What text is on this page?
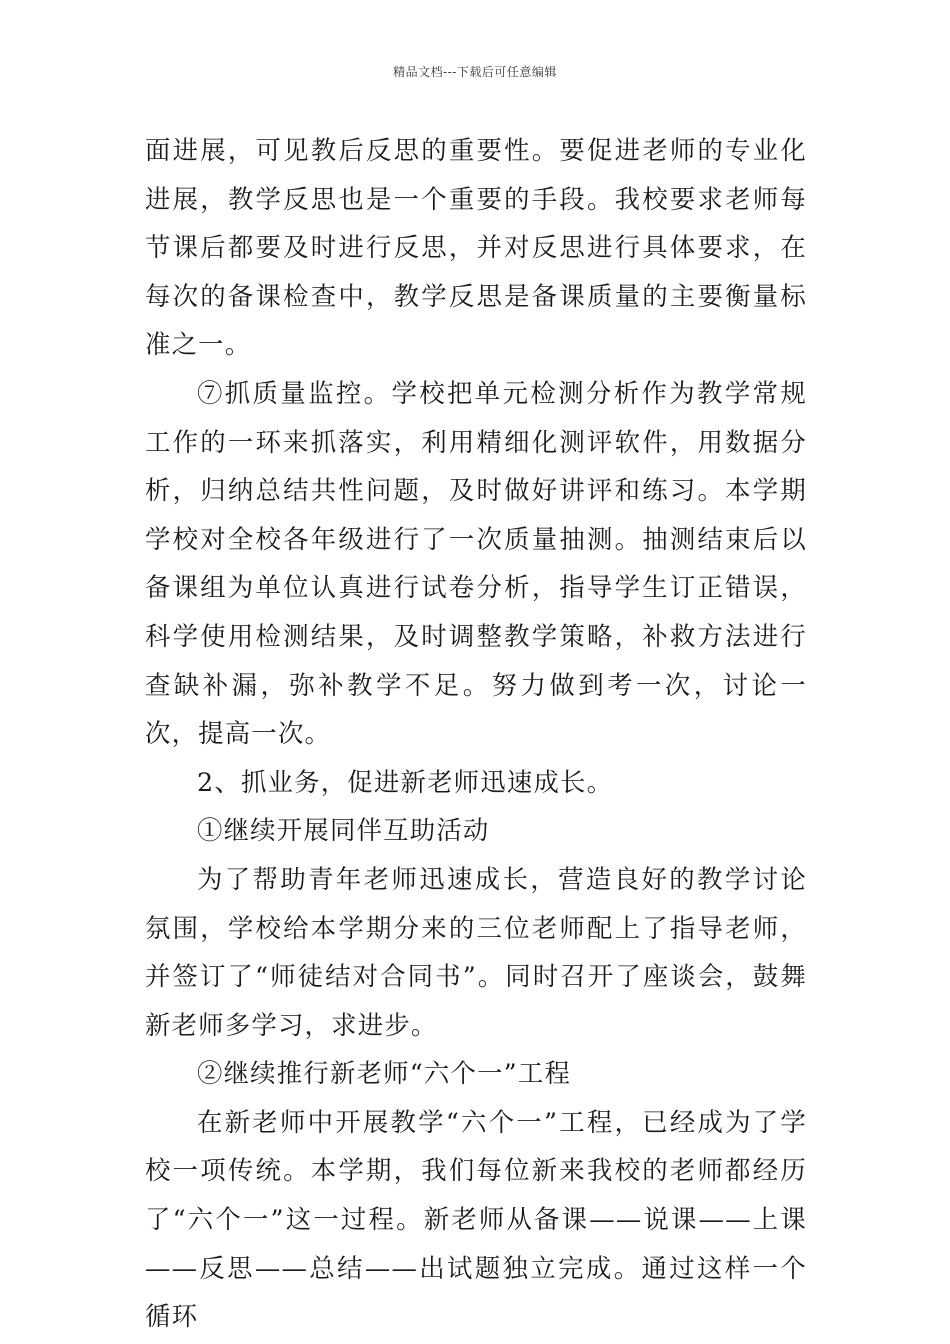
精品文档---下载后可任意编辑

面进展，可见教后反思的重要性。要促进老师的专业化进展，教学反思也是一个重要的手段。我校要求老师每节课后都要及时进行反思，并对反思进行具体要求，在每次的备课检查中，教学反思是备课质量的主要衡量标准之一。

⑦抓质量监控。学校把单元检测分析作为教学常规工作的一环来抓落实，利用精细化测评软件，用数据分析，归纳总结共性问题，及时做好讲评和练习。本学期学校对全校各年级进行了一次质量抽测。抽测结束后以备课组为单位认真进行试卷分析，指导学生订正错误，科学使用检测结果，及时调整教学策略，补救方法进行查缺补漏，弥补教学不足。努力做到考一次，讨论一次，提高一次。

2、抓业务，促进新老师迅速成长。

①继续开展同伴互助活动

为了帮助青年老师迅速成长，营造良好的教学讨论氛围，学校给本学期分来的三位老师配上了指导老师，并签订了“师徒结对合同书”。同时召开了座谈会，鼓舞新老师多学习，求进步。

②继续推行新老师“六个一”工程

在新老师中开展教学“六个一”工程，已经成为了学校一项传统。本学期，我们每位新来我校的老师都经历了“六个一”这一过程。新老师从备课——说课——上课——反思——总结——出试题独立完成。通过这样一个循环
